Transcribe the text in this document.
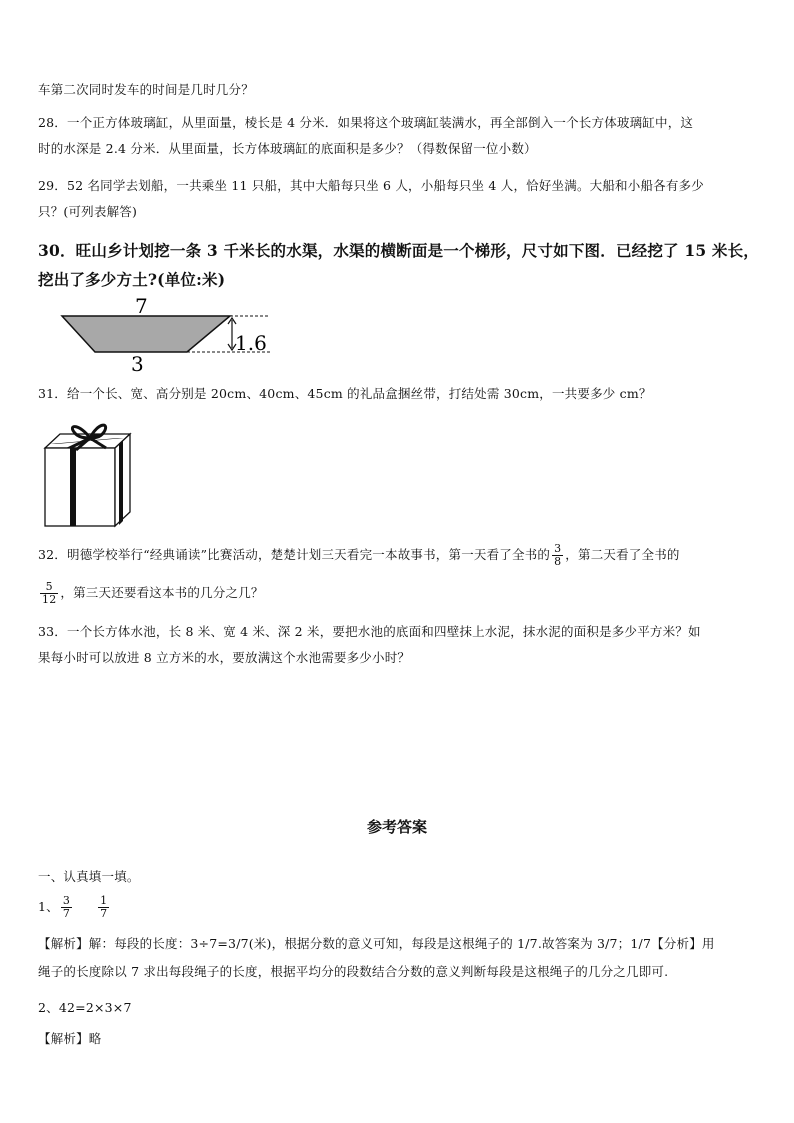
车第二次同时发车的时间是几时几分？
28．一个正方体玻璃缸，从里面量，棱长是 4 分米．如果将这个玻璃缸装满水，再全部倒入一个长方体玻璃缸中，这
时的水深是 2.4 分米．从里面量，长方体玻璃缸的底面积是多少？（得数保留一位小数）
29．52 名同学去划船，一共乘坐 11 只船，其中大船每只坐 6 人，小船每只坐 4 人，恰好坐满。大船和小船各有多少
只？(可列表解答)
30．旺山乡计划挖一条 3 千米长的水渠，水渠的横断面是一个梯形，尺寸如下图．已经挖了 15 米长，
挖出了多少方土?(单位:米)
7
3
1.6
31．给一个长、宽、高分别是 20cm、40cm、45cm 的礼品盒捆丝带，打结处需 30cm，一共要多少 cm？
32．明德学校举行“经典诵读”比赛活动，楚楚计划三天看完一本故事书，第一天看了全书的 $\frac{3}{8}$ ，第二天看了全书的
$\frac{5}{12}$ ，第三天还要看这本书的几分之几？
33．一个长方体水池，长 8 米、宽 4 米、深 2 米，要把水池的底面和四壁抹上水泥，抹水泥的面积是多少平方米？如
果每小时可以放进 8 立方米的水，要放满这个水池需要多少小时？
参考答案
一、认真填一填。
1、 $\frac{3}{7} \frac{1}{7}$
【解析】解：每段的长度：3÷7=3/7(米)，根据分数的意义可知，每段是这根绳子的 1/7.故答案为 3/7；1/7【分析】用
绳子的长度除以 7 求出每段绳子的长度，根据平均分的段数结合分数的意义判断每段是这根绳子的几分之几即可.
2、42=2×3×7
【解析】略
